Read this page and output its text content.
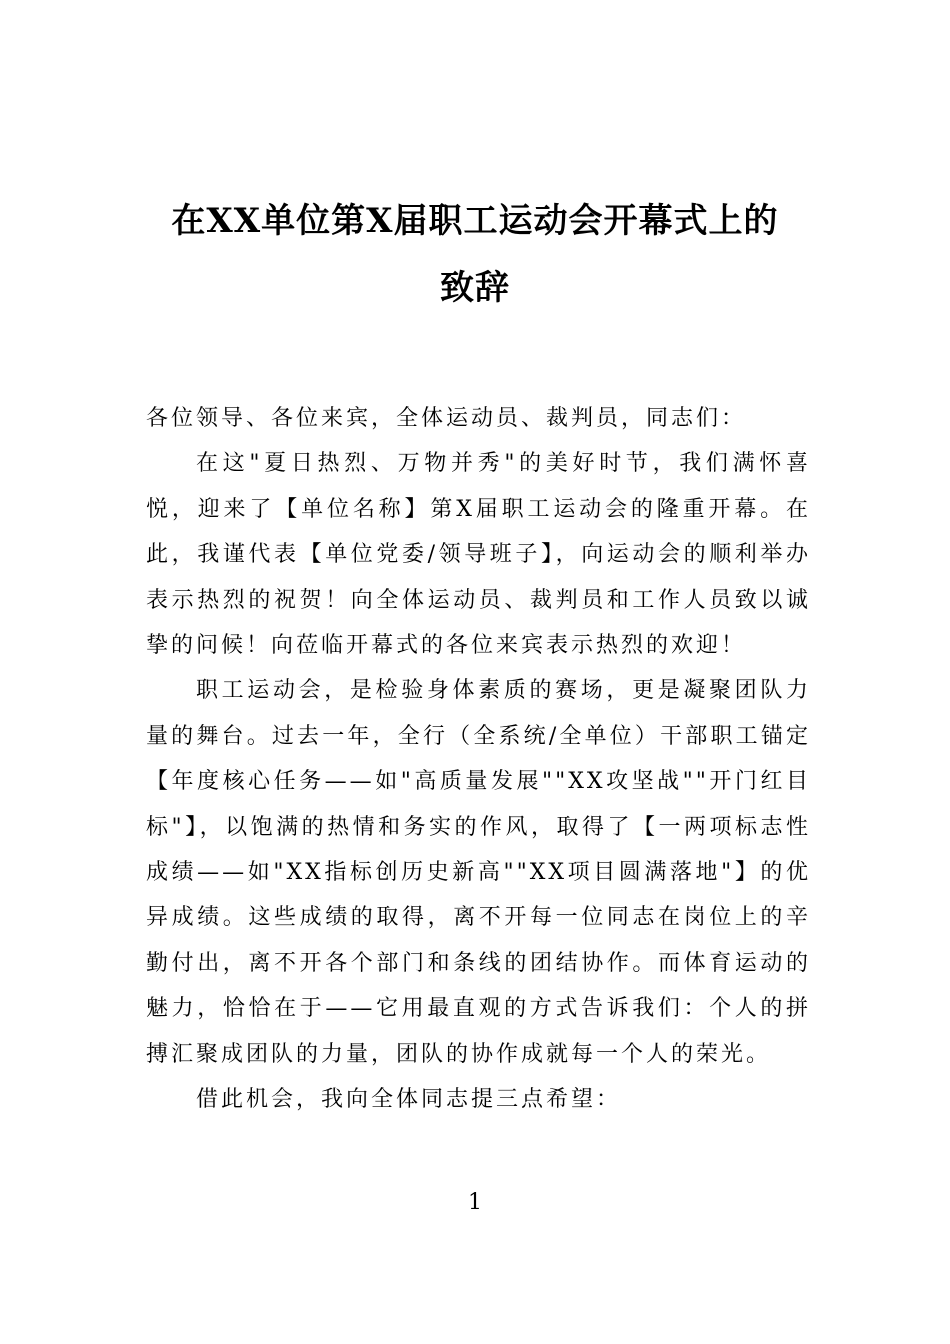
在XX单位第X届职工运动会开幕式上的
致辞

各位领导、各位来宾，全体运动员、裁判员，同志们：

在这"夏日热烈、万物并秀"的美好时节，我们满怀喜悦，迎来了【单位名称】第X届职工运动会的隆重开幕。在此，我谨代表【单位党委/领导班子】，向运动会的顺利举办表示热烈的祝贺！向全体运动员、裁判员和工作人员致以诚挚的问候！向莅临开幕式的各位来宾表示热烈的欢迎！

职工运动会，是检验身体素质的赛场，更是凝聚团队力量的舞台。过去一年，全行（全系统/全单位）干部职工锚定【年度核心任务——如"高质量发展""XX攻坚战""开门红目标"】，以饱满的热情和务实的作风，取得了【一两项标志性成绩——如"XX指标创历史新高""XX项目圆满落地"】的优异成绩。这些成绩的取得，离不开每一位同志在岗位上的辛勤付出，离不开各个部门和条线的团结协作。而体育运动的魅力，恰恰在于——它用最直观的方式告诉我们：个人的拼搏汇聚成团队的力量，团队的协作成就每一个人的荣光。

借此机会，我向全体同志提三点希望：

1
